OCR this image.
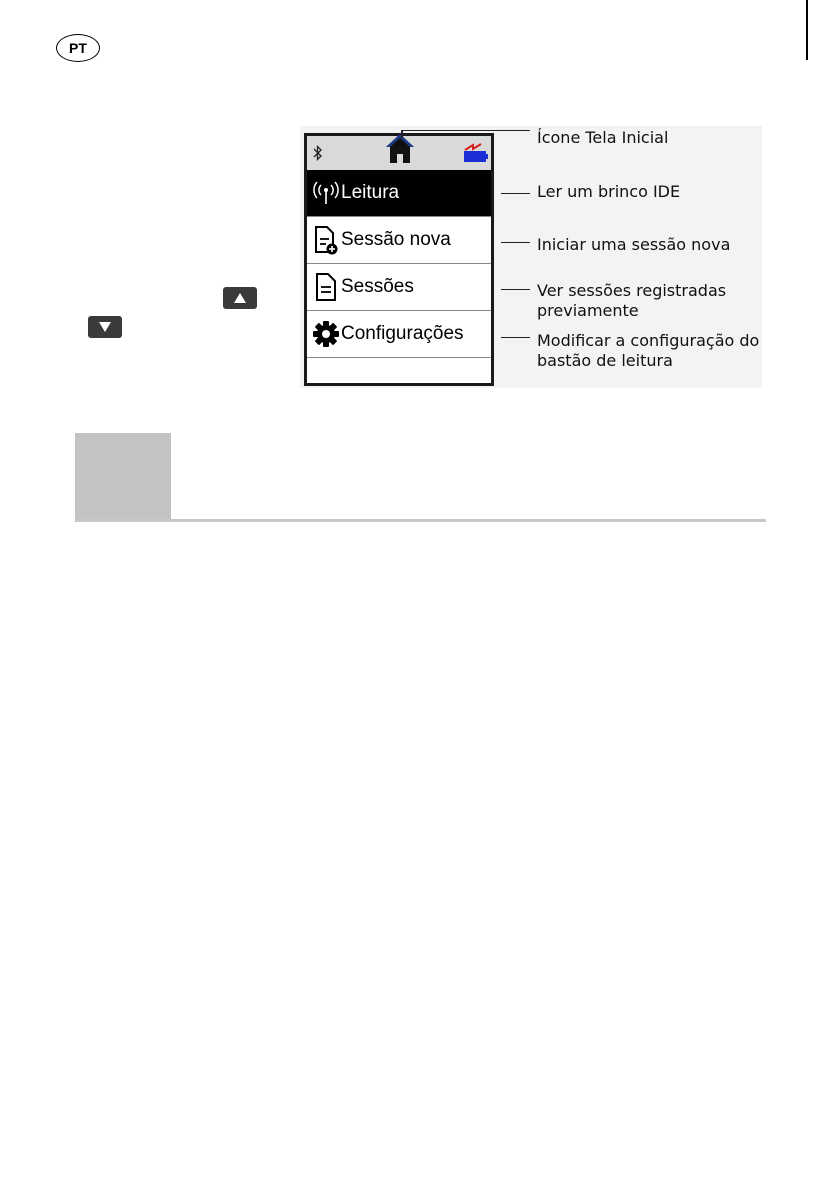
PT
Leitura
Sessão nova
Sessões
Configurações
Ícone Tela Inicial
Ler um brinco IDE
Iniciar uma sessão nova
Ver sessões registradas
previamente
Modificar a configuração do
bastão de leitura
